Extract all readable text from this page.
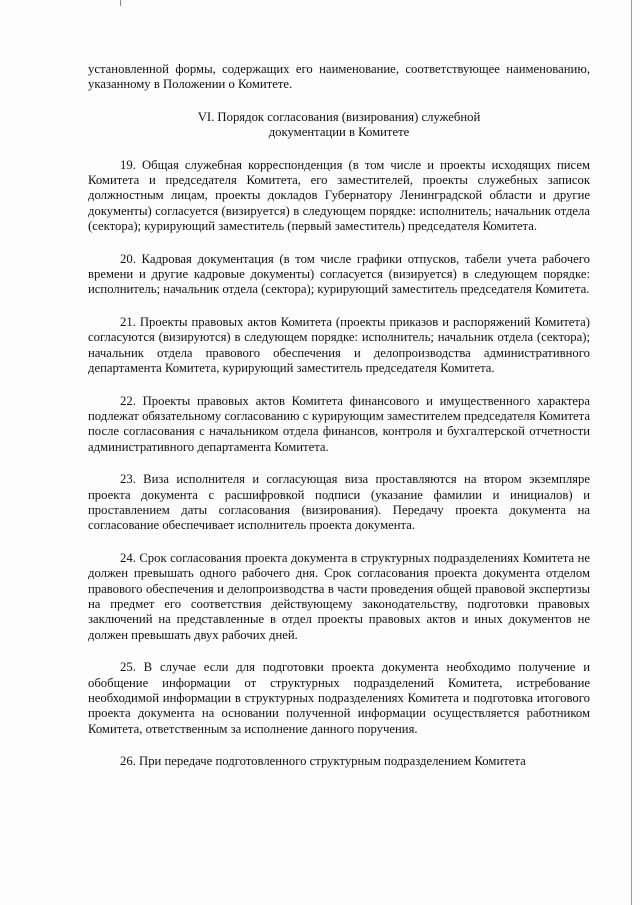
установленной формы, содержащих его наименование, соответствующее наименованию, указанному в Положении о Комитете.

VI. Порядок согласования (визирования) служебной

документации в Комитете

19. Общая служебная корреспонденция (в том числе и проекты исходящих писем Комитета и председателя Комитета, его заместителей, проекты служебных записок должностным лицам, проекты докладов Губернатору Ленинградской области и другие документы) согласуется (визируется) в следующем порядке: исполнитель; начальник отдела (сектора); курирующий заместитель (первый заместитель) председателя Комитета.

20. Кадровая документация (в том числе графики отпусков, табели учета рабочего времени и другие кадровые документы) согласуется (визируется) в следующем порядке: исполнитель; начальник отдела (сектора); курирующий заместитель председателя Комитета.

21. Проекты правовых актов Комитета (проекты приказов и распоряжений Комитета) согласуются (визируются) в следующем порядке: исполнитель; начальник отдела (сектора); начальник отдела правового обеспечения и делопроизводства административного департамента Комитета, курирующий заместитель председателя Комитета.

22. Проекты правовых актов Комитета финансового и имущественного характера подлежат обязательному согласованию с курирующим заместителем председателя Комитета после согласования с начальником отдела финансов, контроля и бухгалтерской отчетности административного департамента Комитета.

23. Виза исполнителя и согласующая виза проставляются на втором экземпляре проекта документа с расшифровкой подписи (указание фамилии и инициалов) и проставлением даты согласования (визирования). Передачу проекта документа на согласование обеспечивает исполнитель проекта документа.

24. Срок согласования проекта документа в структурных подразделениях Комитета не должен превышать одного рабочего дня. Срок согласования проекта документа отделом правового обеспечения и делопроизводства в части проведения общей правовой экспертизы на предмет его соответствия действующему законодательству, подготовки правовых заключений на представленные в отдел проекты правовых актов и иных документов не должен превышать двух рабочих дней.

25. В случае если для подготовки проекта документа необходимо получение и обобщение информации от структурных подразделений Комитета, истребование необходимой информации в структурных подразделениях Комитета и подготовка итогового проекта документа на основании полученной информации осуществляется работником Комитета, ответственным за исполнение данного поручения.

26. При передаче подготовленного структурным подразделением Комитета
